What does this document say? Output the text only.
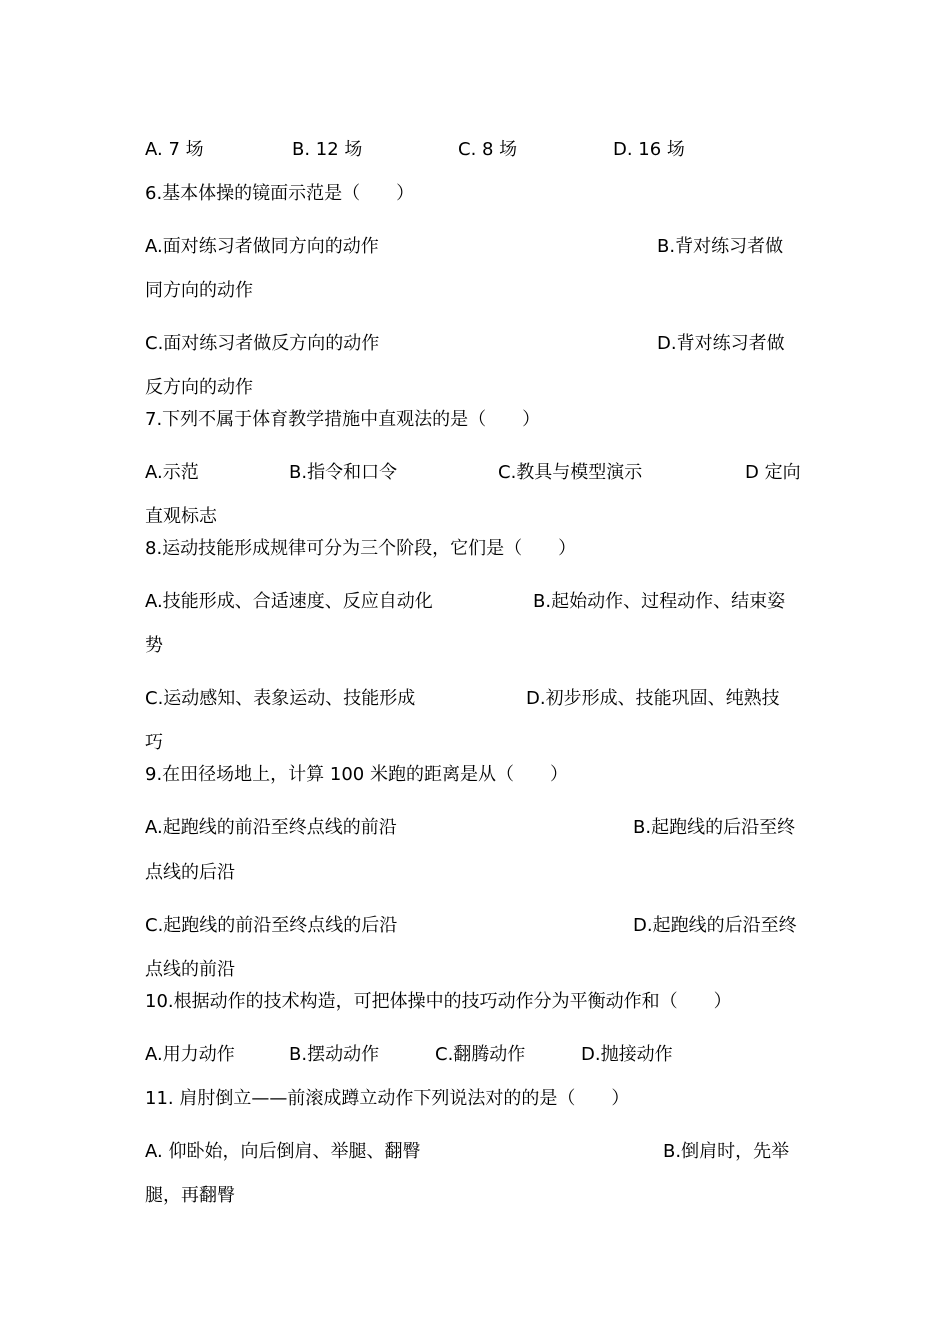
A. 7 场	B. 12 场	C. 8 场	D. 16 场
6.基本体操的镜面示范是（　　）
A.面对练习者做同方向的动作	B.背对练习者做
同方向的动作
C.面对练习者做反方向的动作	D.背对练习者做
反方向的动作
7.下列不属于体育教学措施中直观法的是（　　）
A.示范	B.指令和口令	C.教具与模型演示	D 定向
直观标志
8.运动技能形成规律可分为三个阶段，它们是（　　）
A.技能形成、合适速度、反应自动化	B.起始动作、过程动作、结束姿
势
C.运动感知、表象运动、技能形成	D.初步形成、技能巩固、纯熟技
巧
9.在田径场地上，计算 100 米跑的距离是从（　　）
A.起跑线的前沿至终点线的前沿	B.起跑线的后沿至终
点线的后沿
C.起跑线的前沿至终点线的后沿	D.起跑线的后沿至终
点线的前沿
10.根据动作的技术构造，可把体操中的技巧动作分为平衡动作和（　　）
A.用力动作	B.摆动动作	C.翻腾动作	D.抛接动作
11. 肩肘倒立——前滚成蹲立动作下列说法对的的是（　　）
A. 仰卧始，向后倒肩、举腿、翻臀	B.倒肩时，先举
腿，再翻臀
